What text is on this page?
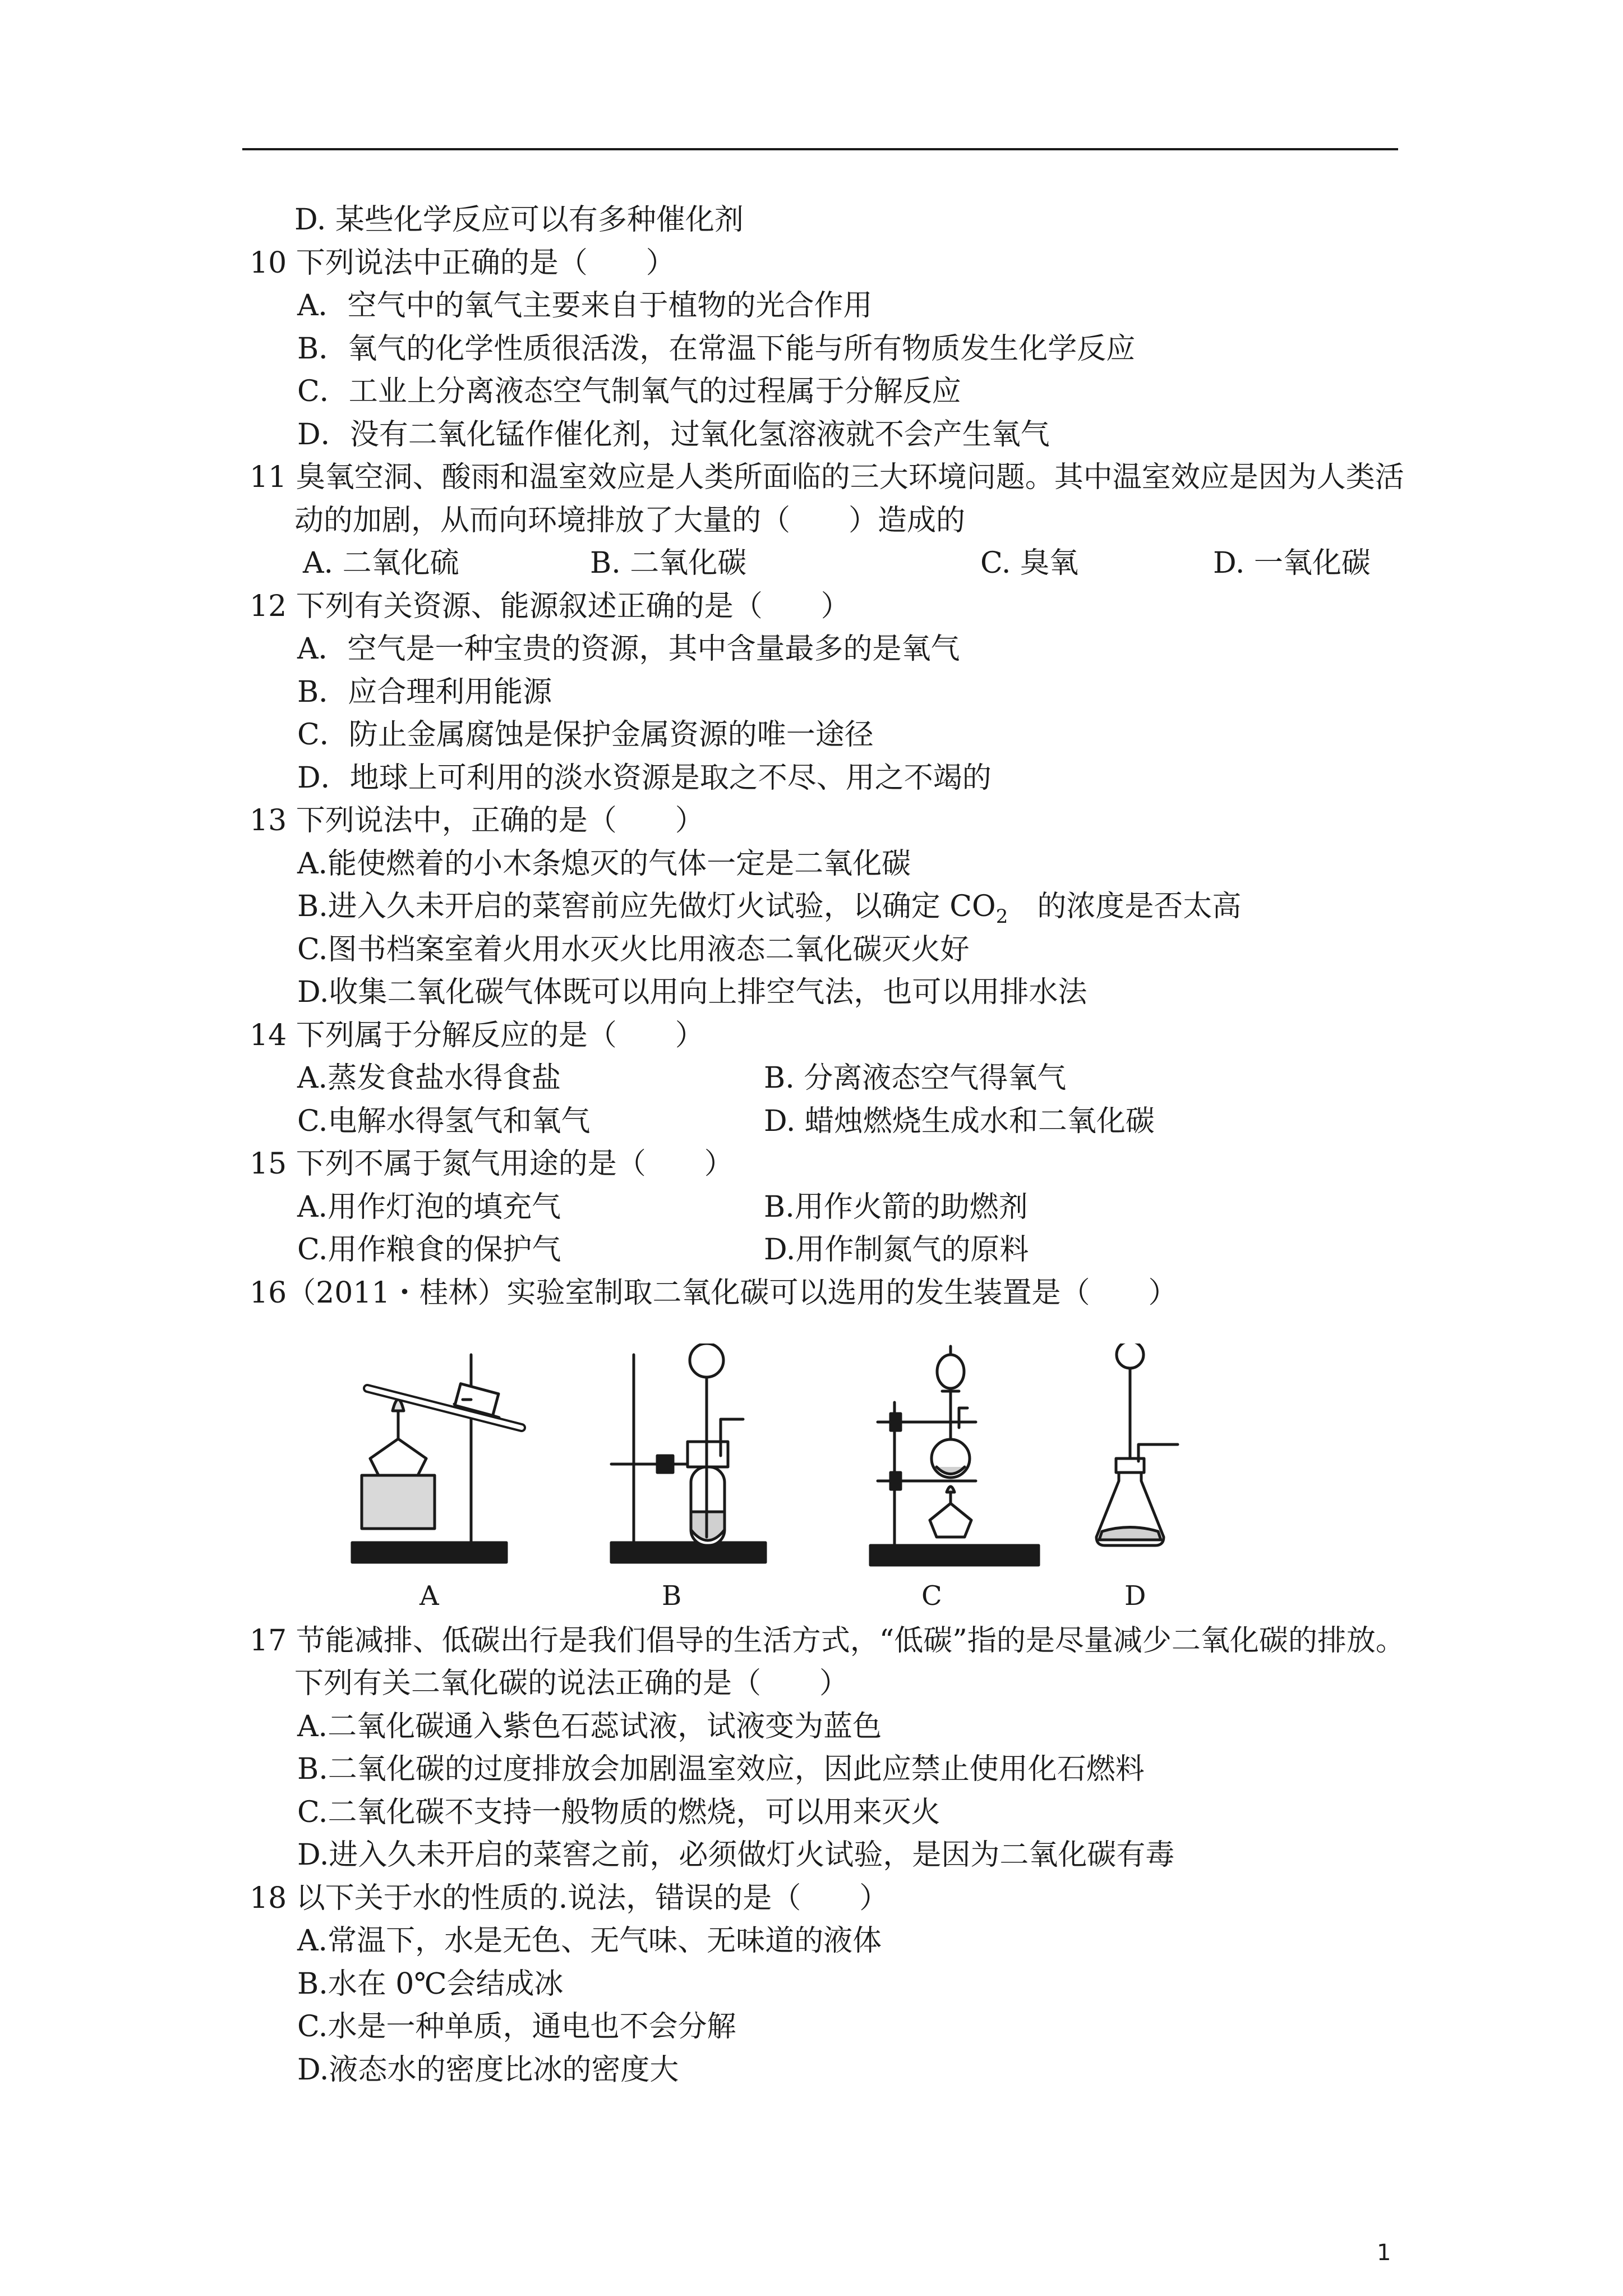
D. 某些化学反应可以有多种催化剂
10 下列说法中正确的是（　　）
A．空气中的氧气主要来自于植物的光合作用
B．氧气的化学性质很活泼，在常温下能与所有物质发生化学反应
C．工业上分离液态空气制氧气的过程属于分解反应
D．没有二氧化锰作催化剂，过氧化氢溶液就不会产生氧气
11 臭氧空洞、酸雨和温室效应是人类所面临的三大环境问题。其中温室效应是因为人类活
动的加剧，从而向环境排放了大量的（　　）造成的
A. 二氧化硫	B. 二氧化碳	C. 臭氧	D. 一氧化碳
12 下列有关资源、能源叙述正确的是（　　）
A．空气是一种宝贵的资源，其中含量最多的是氧气
B．应合理利用能源
C．防止金属腐蚀是保护金属资源的唯一途径
D．地球上可利用的淡水资源是取之不尽、用之不竭的
13 下列说法中，正确的是（　　）
A.能使燃着的小木条熄灭的气体一定是二氧化碳
B.进入久未开启的菜窖前应先做灯火试验，以确定 $CO_2$　的浓度是否太高
C.图书档案室着火用水灭火比用液态二氧化碳灭火好
D.收集二氧化碳气体既可以用向上排空气法，也可以用排水法
14 下列属于分解反应的是（　　）
A.蒸发食盐水得食盐	B. 分离液态空气得氧气
C.电解水得氢气和氧气	D. 蜡烛燃烧生成水和二氧化碳
15 下列不属于氮气用途的是（　　）
A.用作灯泡的填充气	B.用作火箭的助燃剂
C.用作粮食的保护气	D.用作制氮气的原料
16（2011・桂林）实验室制取二氧化碳可以选用的发生装置是（　　）
A	B	C	D
17 节能减排、低碳出行是我们倡导的生活方式，“低碳”指的是尽量减少二氧化碳的排放。
下列有关二氧化碳的说法正确的是（　　）
A.二氧化碳通入紫色石蕊试液，试液变为蓝色
B.二氧化碳的过度排放会加剧温室效应，因此应禁止使用化石燃料
C.二氧化碳不支持一般物质的燃烧，可以用来灭火
D.进入久未开启的菜窖之前，必须做灯火试验，是因为二氧化碳有毒
18 以下关于水的性质的.说法，错误的是（　　）
A.常温下，水是无色、无气味、无味道的液体
B.水在 0℃会结成冰
C.水是一种单质，通电也不会分解
D.液态水的密度比冰的密度大
1
